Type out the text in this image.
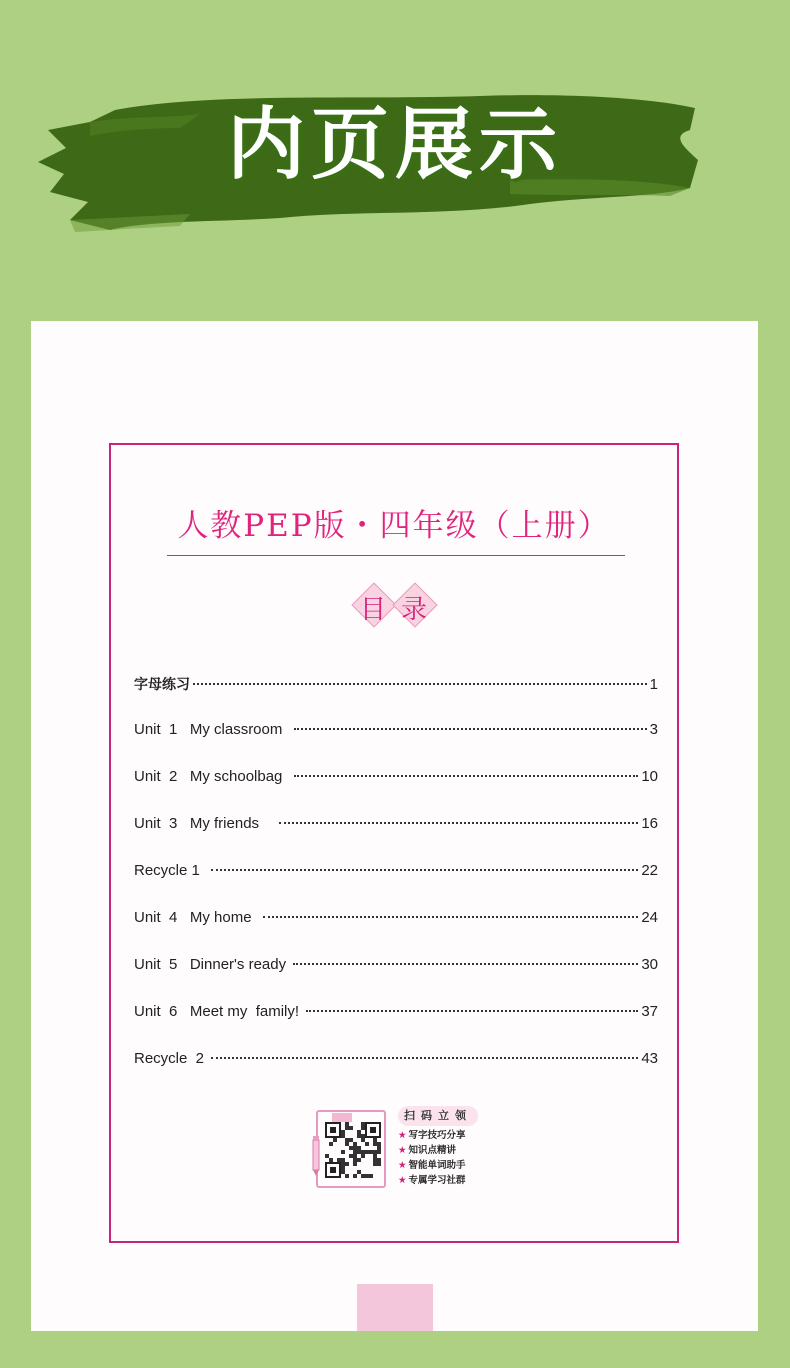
内页展示
人教PEP版・四年级（上册）
目 录
字母练习	1
Unit  1   My classroom	3
Unit  2   My schoolbag	10
Unit  3   My friends	16
Recycle 1	22
Unit  4   My home	24
Unit  5   Dinner's ready	30
Unit  6   Meet my  family!	37
Recycle  2	43
扫码立领
★ 写字技巧分享
★ 知识点精讲
★ 智能单词助手
★ 专属学习社群
